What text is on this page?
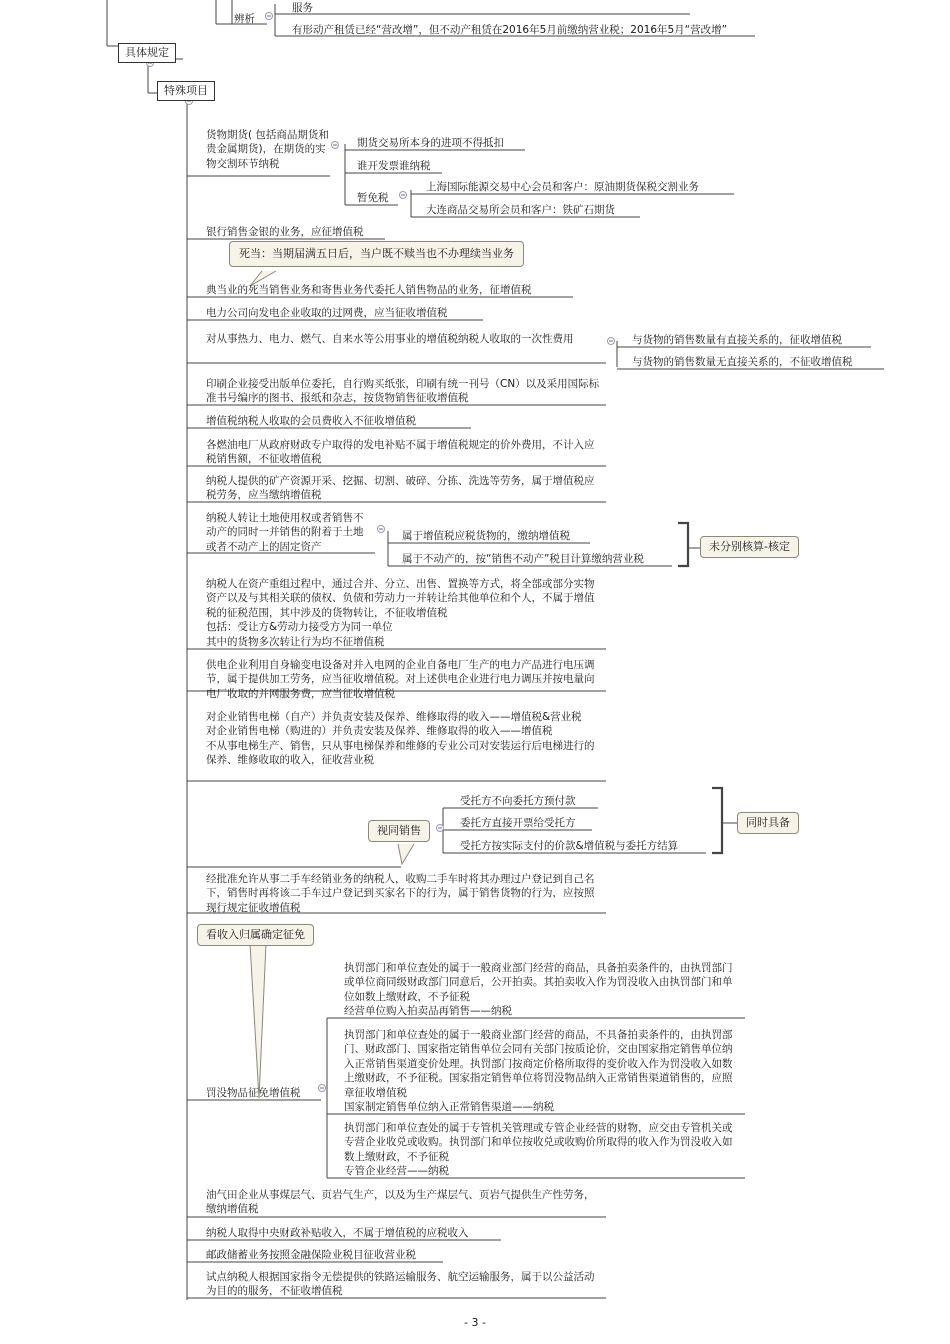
服务
辨析
有形动产租赁已经“营改增”，但不动产租赁在2016年5月前缴纳营业税；2016年5月“营改增”
具体规定
特殊项目
货物期货( 包括商品期货和贵金属期货)，在期货的实物交割环节纳税
期货交易所本身的进项不得抵扣
谁开发票谁纳税
暂免税
上海国际能源交易中心会员和客户：原油期货保税交割业务
大连商品交易所会员和客户：铁矿石期货
银行销售金银的业务，应征增值税
死当：当期届满五日后，当户既不赎当也不办理续当业务
典当业的死当销售业务和寄售业务代委托人销售物品的业务，征增值税
电力公司向发电企业收取的过网费，应当征收增值税
对从事热力、电力、燃气、自来水等公用事业的增值税纳税人收取的一次性费用	与货物的销售数量有直接关系的，征收增值税
与货物的销售数量无直接关系的，不征收增值税
印刷企业接受出版单位委托，自行购买纸张，印刷有统一刊号（CN）以及采用国际标准书号编序的图书、报纸和杂志，按货物销售征收增值税
增值税纳税人收取的会员费收入不征收增值税
各燃油电厂从政府财政专户取得的发电补贴不属于增值税规定的价外费用，不计入应税销售额，不征收增值税
纳税人提供的矿产资源开采、挖掘、切割、破碎、分拣、洗选等劳务，属于增值税应税劳务，应当缴纳增值税
纳税人转让土地使用权或者销售不动产的同时一并销售的附着于土地或者不动产上的固定资产
属于增值税应税货物的，缴纳增值税
属于不动产的，按“销售不动产”税目计算缴纳营业税
未分别核算-核定
纳税人在资产重组过程中，通过合并、分立、出售、置换等方式，将全部或部分实物资产以及与其相关联的债权、负债和劳动力一并转让给其他单位和个人，不属于增值税的征税范围，其中涉及的货物转让，不征收增值税
包括：受让方&劳动力接受方为同一单位
其中的货物多次转让行为均不征增值税
供电企业利用自身输变电设备对并入电网的企业自备电厂生产的电力产品进行电压调节，属于提供加工劳务，应当征收增值税。对上述供电企业进行电力调压并按电量向电厂收取的并网服务费，应当征收增值税
对企业销售电梯（自产）并负责安装及保养、维修取得的收入——增值税&营业税
对企业销售电梯（购进的）并负责安装及保养、维修取得的收入——增值税
不从事电梯生产、销售，只从事电梯保养和维修的专业公司对安装运行后电梯进行的保养、维修收取的收入，征收营业税
视同销售
受托方不向委托方预付款
委托方直接开票给受托方
受托方按实际支付的价款&增值税与委托方结算
同时具备
经批准允许从事二手车经销业务的纳税人，收购二手车时将其办理过户登记到自己名下，销售时再将该二手车过户登记到买家名下的行为，属于销售货物的行为，应按照现行规定征收增值税
看收入归属确定征免
罚没物品征免增值税
执罚部门和单位查处的属于一般商业部门经营的商品，具备拍卖条件的，由执罚部门或单位商同级财政部门同意后，公开拍卖。其拍卖收入作为罚没收入由执罚部门和单位如数上缴财政，不予征税
经营单位购入拍卖品再销售——纳税
执罚部门和单位查处的属于一般商业部门经营的商品，不具备拍卖条件的，由执罚部门、财政部门、国家指定销售单位会同有关部门按质论价，交由国家指定销售单位纳入正常销售渠道变价处理。执罚部门按商定价格所取得的变价收入作为罚没收入如数上缴财政，不予征税。国家指定销售单位将罚没物品纳入正常销售渠道销售的，应照章征收增值税
国家制定销售单位纳入正常销售渠道——纳税
执罚部门和单位查处的属于专管机关管理或专管企业经营的财物，应交由专管机关或专营企业收兑或收购。执罚部门和单位按收兑或收购价所取得的收入作为罚没收入如数上缴财政，不予征税
专管企业经营——纳税
油气田企业从事煤层气、页岩气生产，以及为生产煤层气、页岩气提供生产性劳务，缴纳增值税
纳税人取得中央财政补贴收入，不属于增值税的应税收入
邮政储蓄业务按照金融保险业税目征收营业税
试点纳税人根据国家指令无偿提供的铁路运输服务、航空运输服务，属于以公益活动为目的的服务，不征收增值税
- 3 -
